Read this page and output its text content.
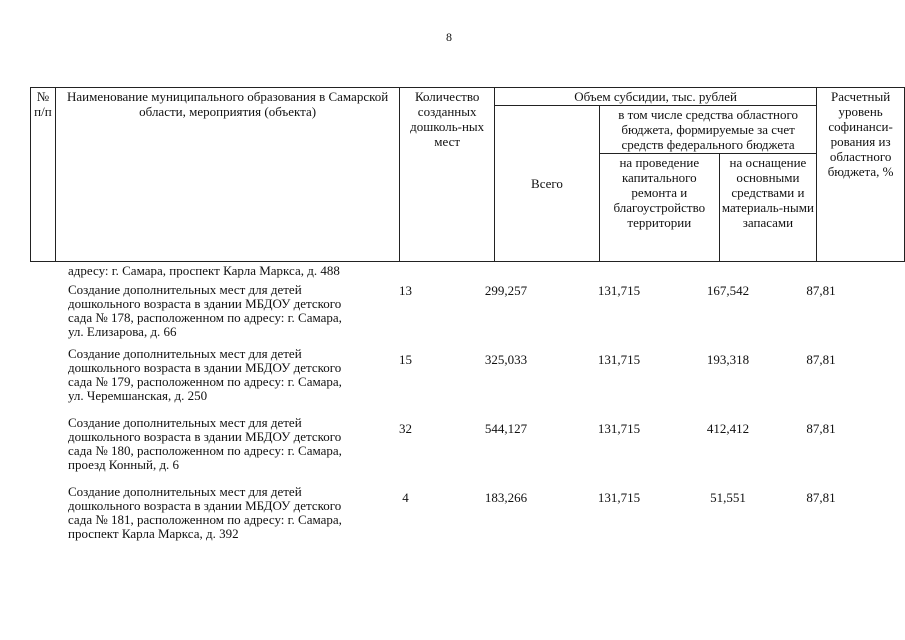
8
№ п/п	Наименование муниципального образования в Самарской области, мероприятия (объекта)	Количество созданных дошколь-ных мест	Объем субсидии, тыс. рублей			Расчетный уровень софинанси-рования из областного бюджета, %
			Всего	в том числе средства областного бюджета, формируемые за счет средств федерального бюджета		
				на проведение капитального ремонта и благоустройство территории	на оснащение основными средствами и материаль-ными запасами	
адресу: г. Самара, проспект Карла Маркса, д. 488					
Создание дополнительных мест для детей дошкольного возраста в здании МБДОУ детского сада № 178, расположенном по адресу: г. Самара, ул. Елизарова, д. 66	13	299,257	131,715	167,542	87,81
Создание дополнительных мест для детей дошкольного возраста в здании МБДОУ детского сада № 179, расположенном по адресу: г. Самара, ул. Черемшанская, д. 250	15	325,033	131,715	193,318	87,81
Создание дополнительных мест для детей дошкольного возраста в здании МБДОУ детского сада № 180, расположенном по адресу: г. Самара, проезд Конный, д. 6	32	544,127	131,715	412,412	87,81
Создание дополнительных мест для детей дошкольного возраста в здании МБДОУ детского сада № 181, расположенном по адресу: г. Самара, проспект Карла Маркса, д. 392	4	183,266	131,715	51,551	87,81
